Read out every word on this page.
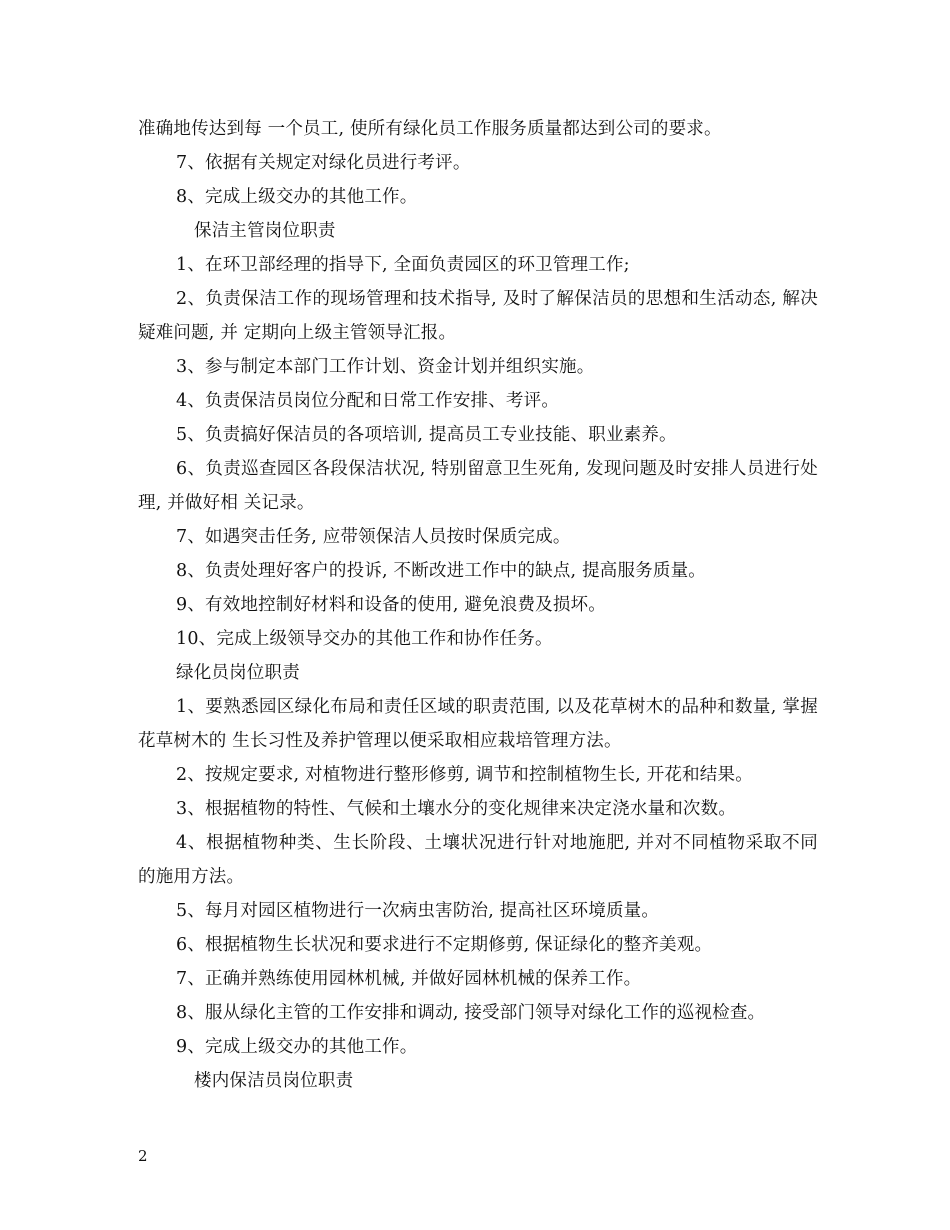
准确地传达到每 一个员工, 使所有绿化员工作服务质量都达到公司的要求。

7、依据有关规定对绿化员进行考评。

8、完成上级交办的其他工作。

保洁主管岗位职责

1、在环卫部经理的指导下, 全面负责园区的环卫管理工作;

2、负责保洁工作的现场管理和技术指导, 及时了解保洁员的思想和生活动态, 解决疑难问题, 并 定期向上级主管领导汇报。

3、参与制定本部门工作计划、资金计划并组织实施。

4、负责保洁员岗位分配和日常工作安排、考评。

5、负责搞好保洁员的各项培训, 提高员工专业技能、职业素养。

6、负责巡查园区各段保洁状况, 特别留意卫生死角, 发现问题及时安排人员进行处理, 并做好相 关记录。

7、如遇突击任务, 应带领保洁人员按时保质完成。

8、负责处理好客户的投诉, 不断改进工作中的缺点, 提高服务质量。

9、有效地控制好材料和设备的使用, 避免浪费及损坏。

10、完成上级领导交办的其他工作和协作任务。

绿化员岗位职责

1、要熟悉园区绿化布局和责任区域的职责范围, 以及花草树木的品种和数量, 掌握花草树木的 生长习性及养护管理以便采取相应栽培管理方法。

2、按规定要求, 对植物进行整形修剪, 调节和控制植物生长, 开花和结果。

3、根据植物的特性、气候和土壤水分的变化规律来决定浇水量和次数。

4、根据植物种类、生长阶段、土壤状况进行针对地施肥, 并对不同植物采取不同的施用方法。

5、每月对园区植物进行一次病虫害防治, 提高社区环境质量。

6、根据植物生长状况和要求进行不定期修剪, 保证绿化的整齐美观。

7、正确并熟练使用园林机械, 并做好园林机械的保养工作。

8、服从绿化主管的工作安排和调动, 接受部门领导对绿化工作的巡视检查。

9、完成上级交办的其他工作。

楼内保洁员岗位职责

2
